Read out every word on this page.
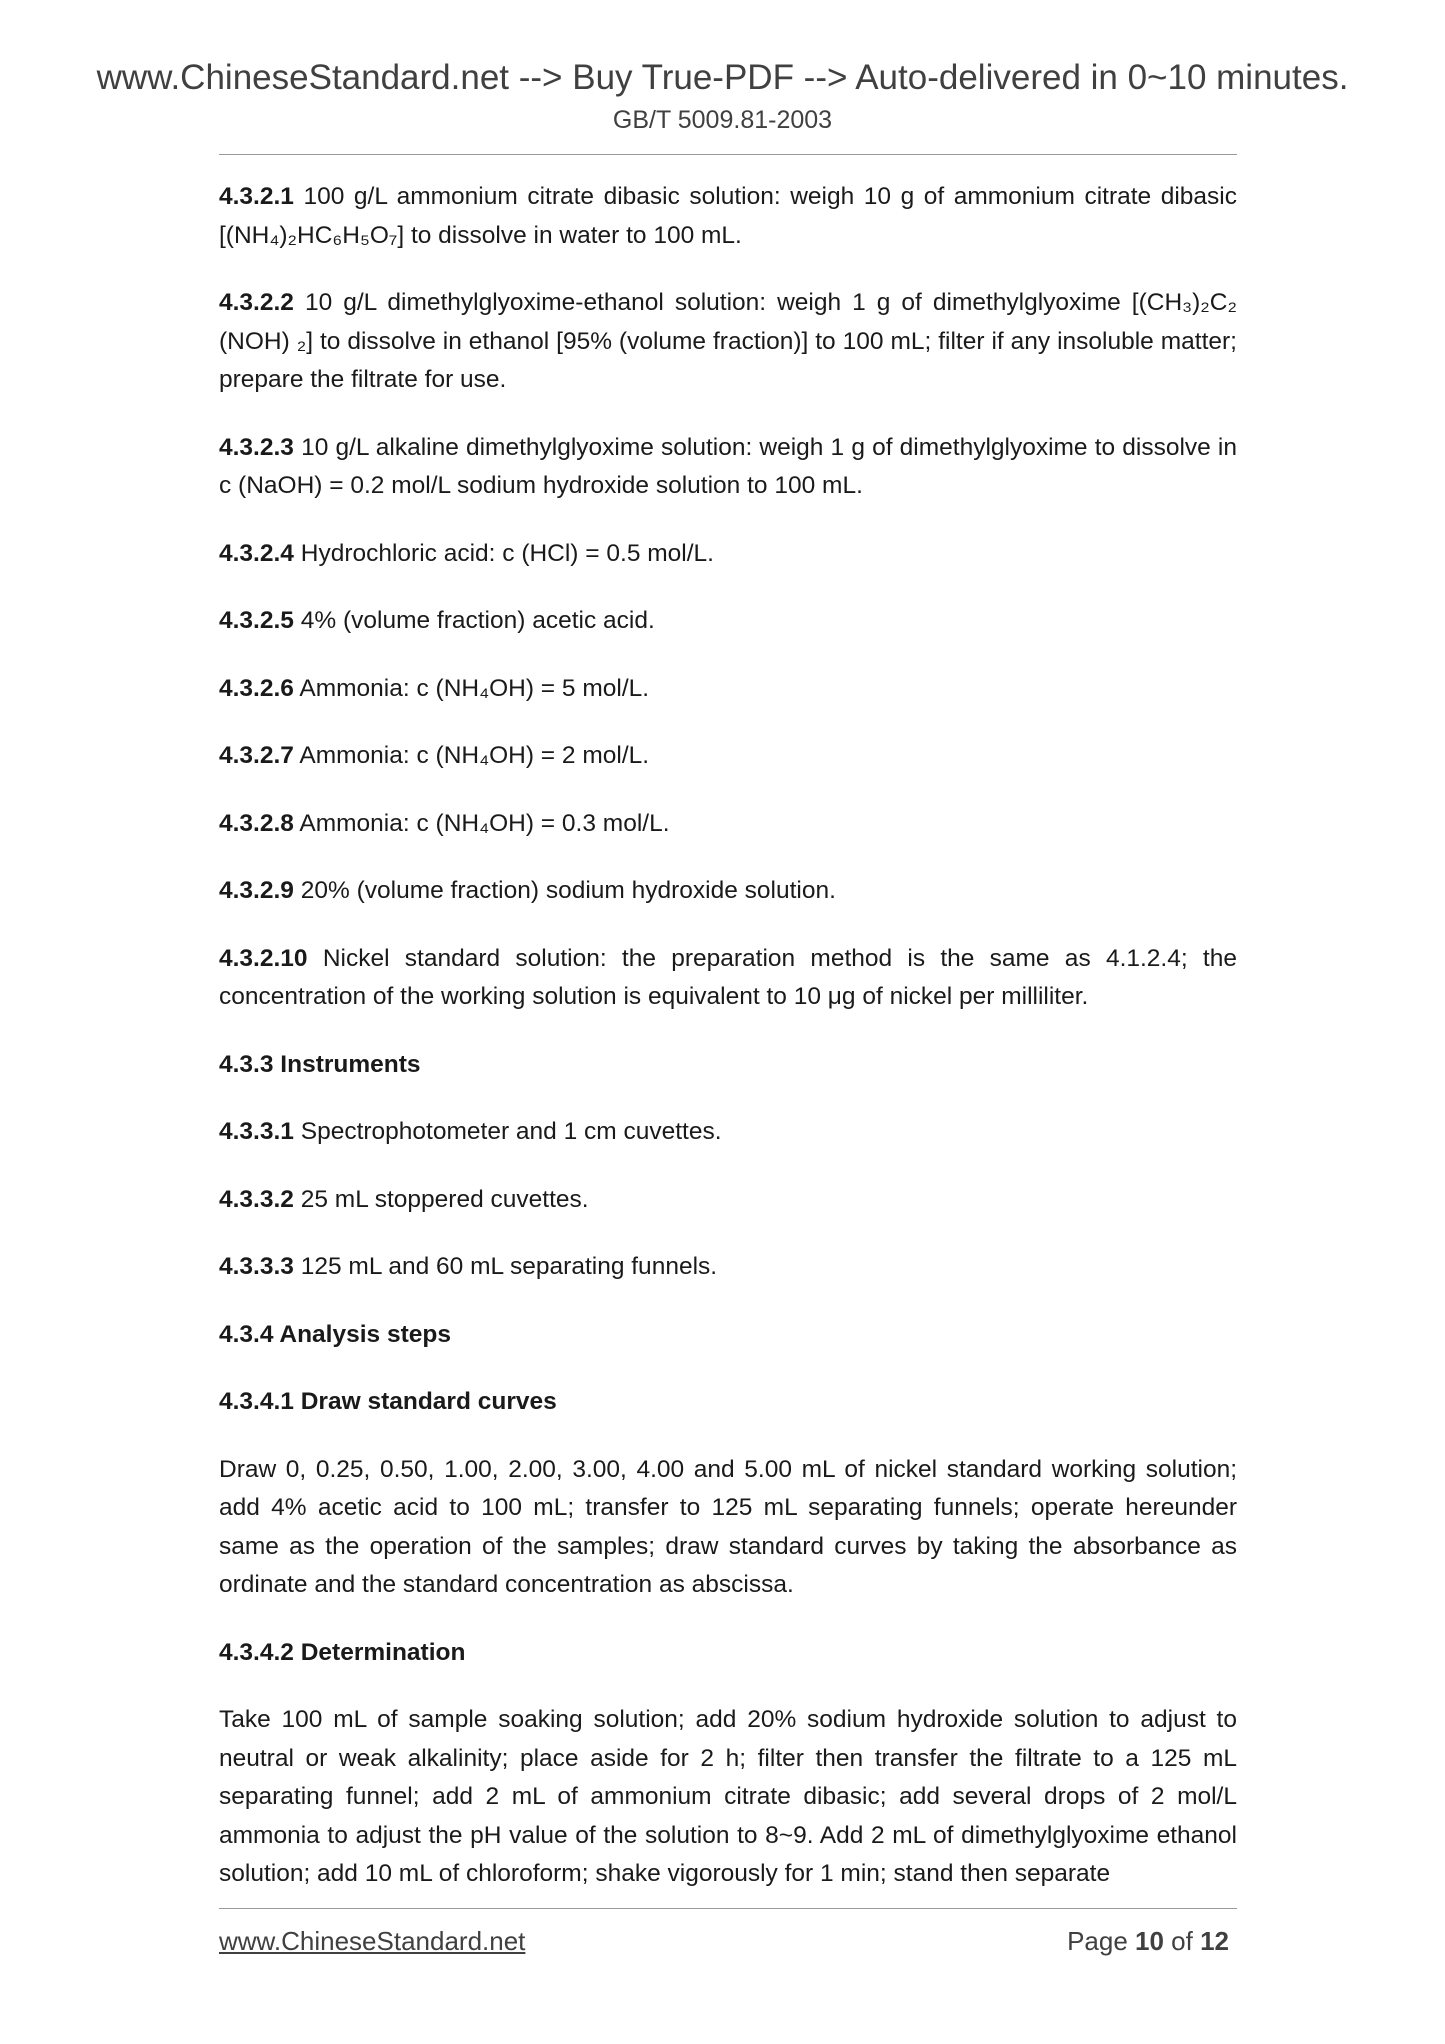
www.ChineseStandard.net --> Buy True-PDF --> Auto-delivered in 0~10 minutes.
GB/T 5009.81-2003

4.3.2.1 100 g/L ammonium citrate dibasic solution: weigh 10 g of ammonium citrate dibasic [(NH₄)₂HC₆H₅O₇] to dissolve in water to 100 mL.

4.3.2.2 10 g/L dimethylglyoxime-ethanol solution: weigh 1 g of dimethylglyoxime [(CH₃)₂C₂ (NOH) ₂] to dissolve in ethanol [95% (volume fraction)] to 100 mL; filter if any insoluble matter; prepare the filtrate for use.

4.3.2.3 10 g/L alkaline dimethylglyoxime solution: weigh 1 g of dimethylglyoxime to dissolve in c (NaOH) = 0.2 mol/L sodium hydroxide solution to 100 mL.

4.3.2.4 Hydrochloric acid: c (HCl) = 0.5 mol/L.

4.3.2.5 4% (volume fraction) acetic acid.

4.3.2.6 Ammonia: c (NH₄OH) = 5 mol/L.

4.3.2.7 Ammonia: c (NH₄OH) = 2 mol/L.

4.3.2.8 Ammonia: c (NH₄OH) = 0.3 mol/L.

4.3.2.9 20% (volume fraction) sodium hydroxide solution.

4.3.2.10 Nickel standard solution: the preparation method is the same as 4.1.2.4; the concentration of the working solution is equivalent to 10 μg of nickel per milliliter.

4.3.3 Instruments

4.3.3.1 Spectrophotometer and 1 cm cuvettes.

4.3.3.2 25 mL stoppered cuvettes.

4.3.3.3 125 mL and 60 mL separating funnels.

4.3.4 Analysis steps

4.3.4.1 Draw standard curves

Draw 0, 0.25, 0.50, 1.00, 2.00, 3.00, 4.00 and 5.00 mL of nickel standard working solution; add 4% acetic acid to 100 mL; transfer to 125 mL separating funnels; operate hereunder same as the operation of the samples; draw standard curves by taking the absorbance as ordinate and the standard concentration as abscissa.

4.3.4.2 Determination

Take 100 mL of sample soaking solution; add 20% sodium hydroxide solution to adjust to neutral or weak alkalinity; place aside for 2 h; filter then transfer the filtrate to a 125 mL separating funnel; add 2 mL of ammonium citrate dibasic; add several drops of 2 mol/L ammonia to adjust the pH value of the solution to 8~9. Add 2 mL of dimethylglyoxime ethanol solution; add 10 mL of chloroform; shake vigorously for 1 min; stand then separate

www.ChineseStandard.net	Page 10 of 12
